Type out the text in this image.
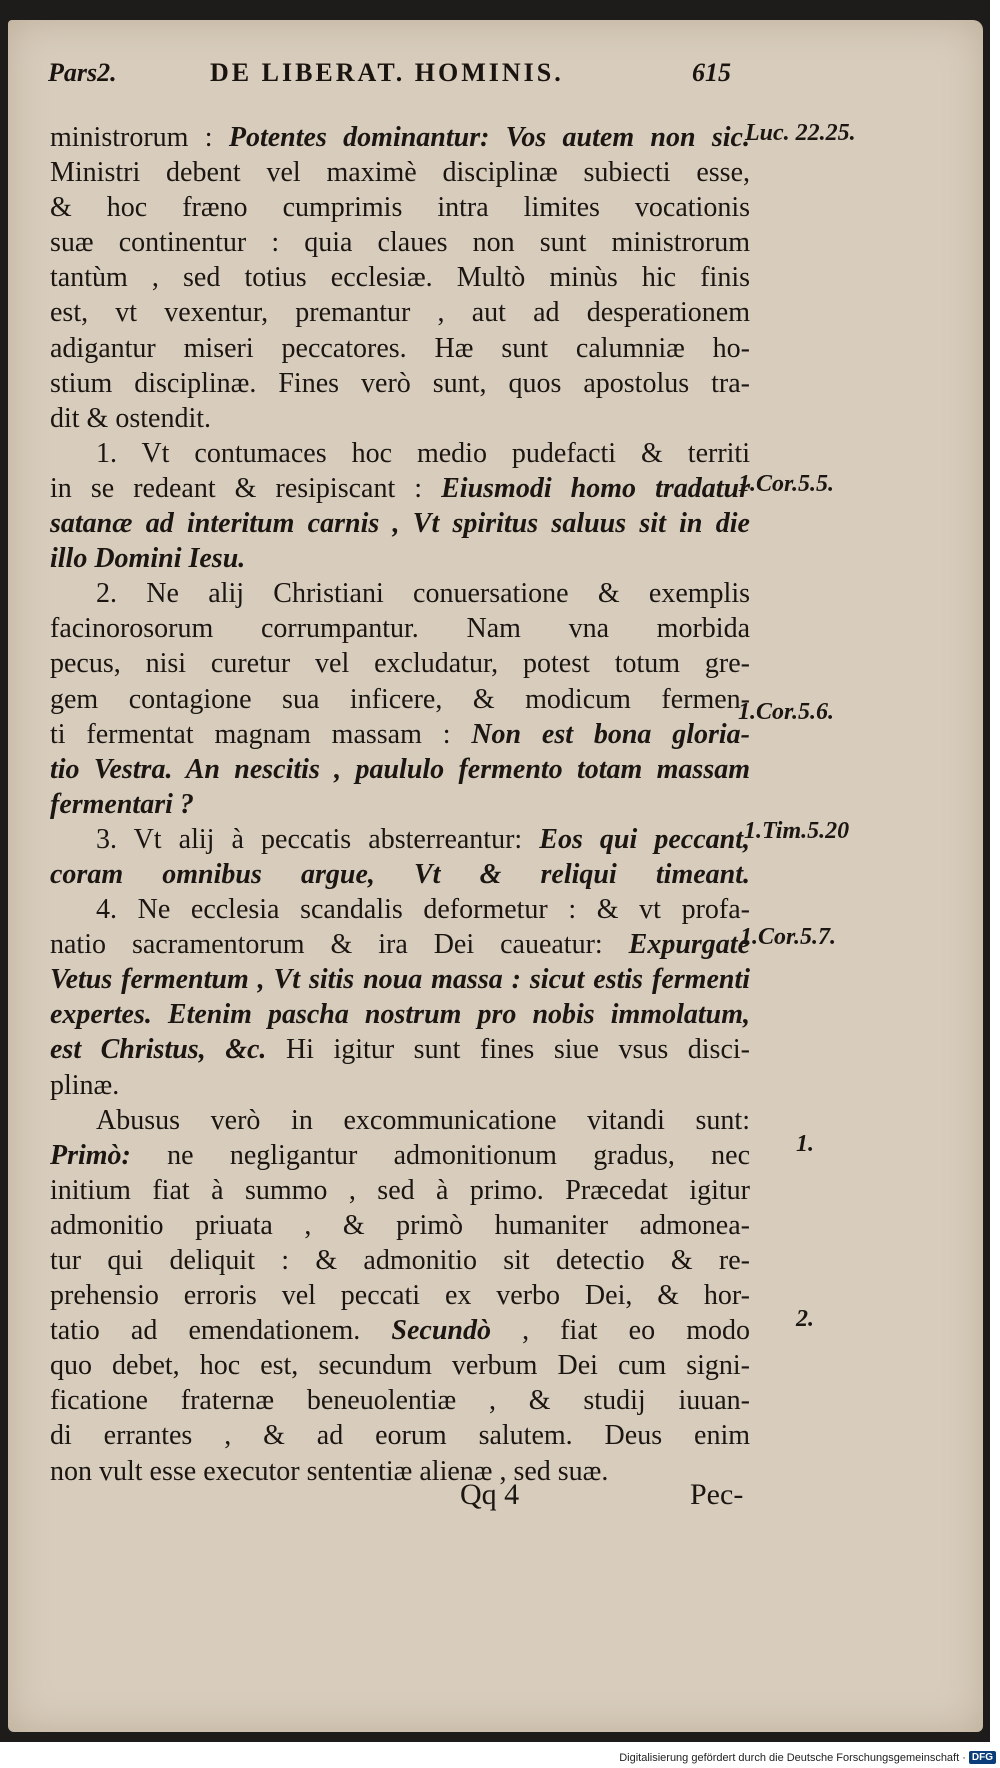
Pars2.	DE LIBERAT. HOMINIS.	615
ministrorum : Potentes dominantur: Vos autem non sic.
Ministri debent vel maximè disciplinæ subiecti esse,
& hoc fræno cumprimis intra limites vocationis
suæ continentur : quia claues non sunt ministrorum
tantùm , sed totius ecclesiæ. Multò minùs hic finis
est, vt vexentur, premantur , aut ad desperationem
adigantur miseri peccatores. Hæ sunt calumniæ ho-
stium disciplinæ. Fines verò sunt, quos apostolus tra-
dit & ostendit.
1. Vt contumaces hoc medio pudefacti & territi
in se redeant & resipiscant : Eiusmodi homo tradatur
satanæ ad interitum carnis , Vt spiritus saluus sit in die
illo Domini Iesu.
2. Ne alij Christiani conuersatione & exemplis
facinorosorum corrumpantur. Nam vna morbida
pecus, nisi curetur vel excludatur, potest totum gre-
gem contagione sua inficere, & modicum fermen-
ti fermentat magnam massam : Non est bona gloria-
tio Vestra. An nescitis , paululo fermento totam massam
fermentari ?
3. Vt alij à peccatis absterreantur: Eos qui peccant,
coram omnibus argue, Vt & reliqui timeant.
4. Ne ecclesia scandalis deformetur : & vt profa-
natio sacramentorum & ira Dei caueatur: Expurgate
Vetus fermentum , Vt sitis noua massa : sicut estis fermenti
expertes. Etenim pascha nostrum pro nobis immolatum,
est Christus, &c. Hi igitur sunt fines siue vsus disci-
plinæ.
Abusus verò in excommunicatione vitandi sunt:
Primò: ne negligantur admonitionum gradus, nec
initium fiat à summo , sed à primo. Præcedat igitur
admonitio priuata , & primò humaniter admonea-
tur qui deliquit : & admonitio sit detectio & re-
prehensio erroris vel peccati ex verbo Dei, & hor-
tatio ad emendationem. Secundò , fiat eo modo
quo debet, hoc est, secundum verbum Dei cum signi-
ficatione fraternæ beneuolentiæ , & studij iuuan-
di errantes , & ad eorum salutem. Deus enim
non vult esse executor sententiæ alienæ , sed suæ.
Luc. 22.25.
1.Cor.5.5.
1.Cor.5.6.
1.Tim.5.20
1.Cor.5.7.
1.
2.
Qq 4	Pec-
Digitalisierung gefördert durch die Deutsche Forschungsgemeinschaft · DFG
